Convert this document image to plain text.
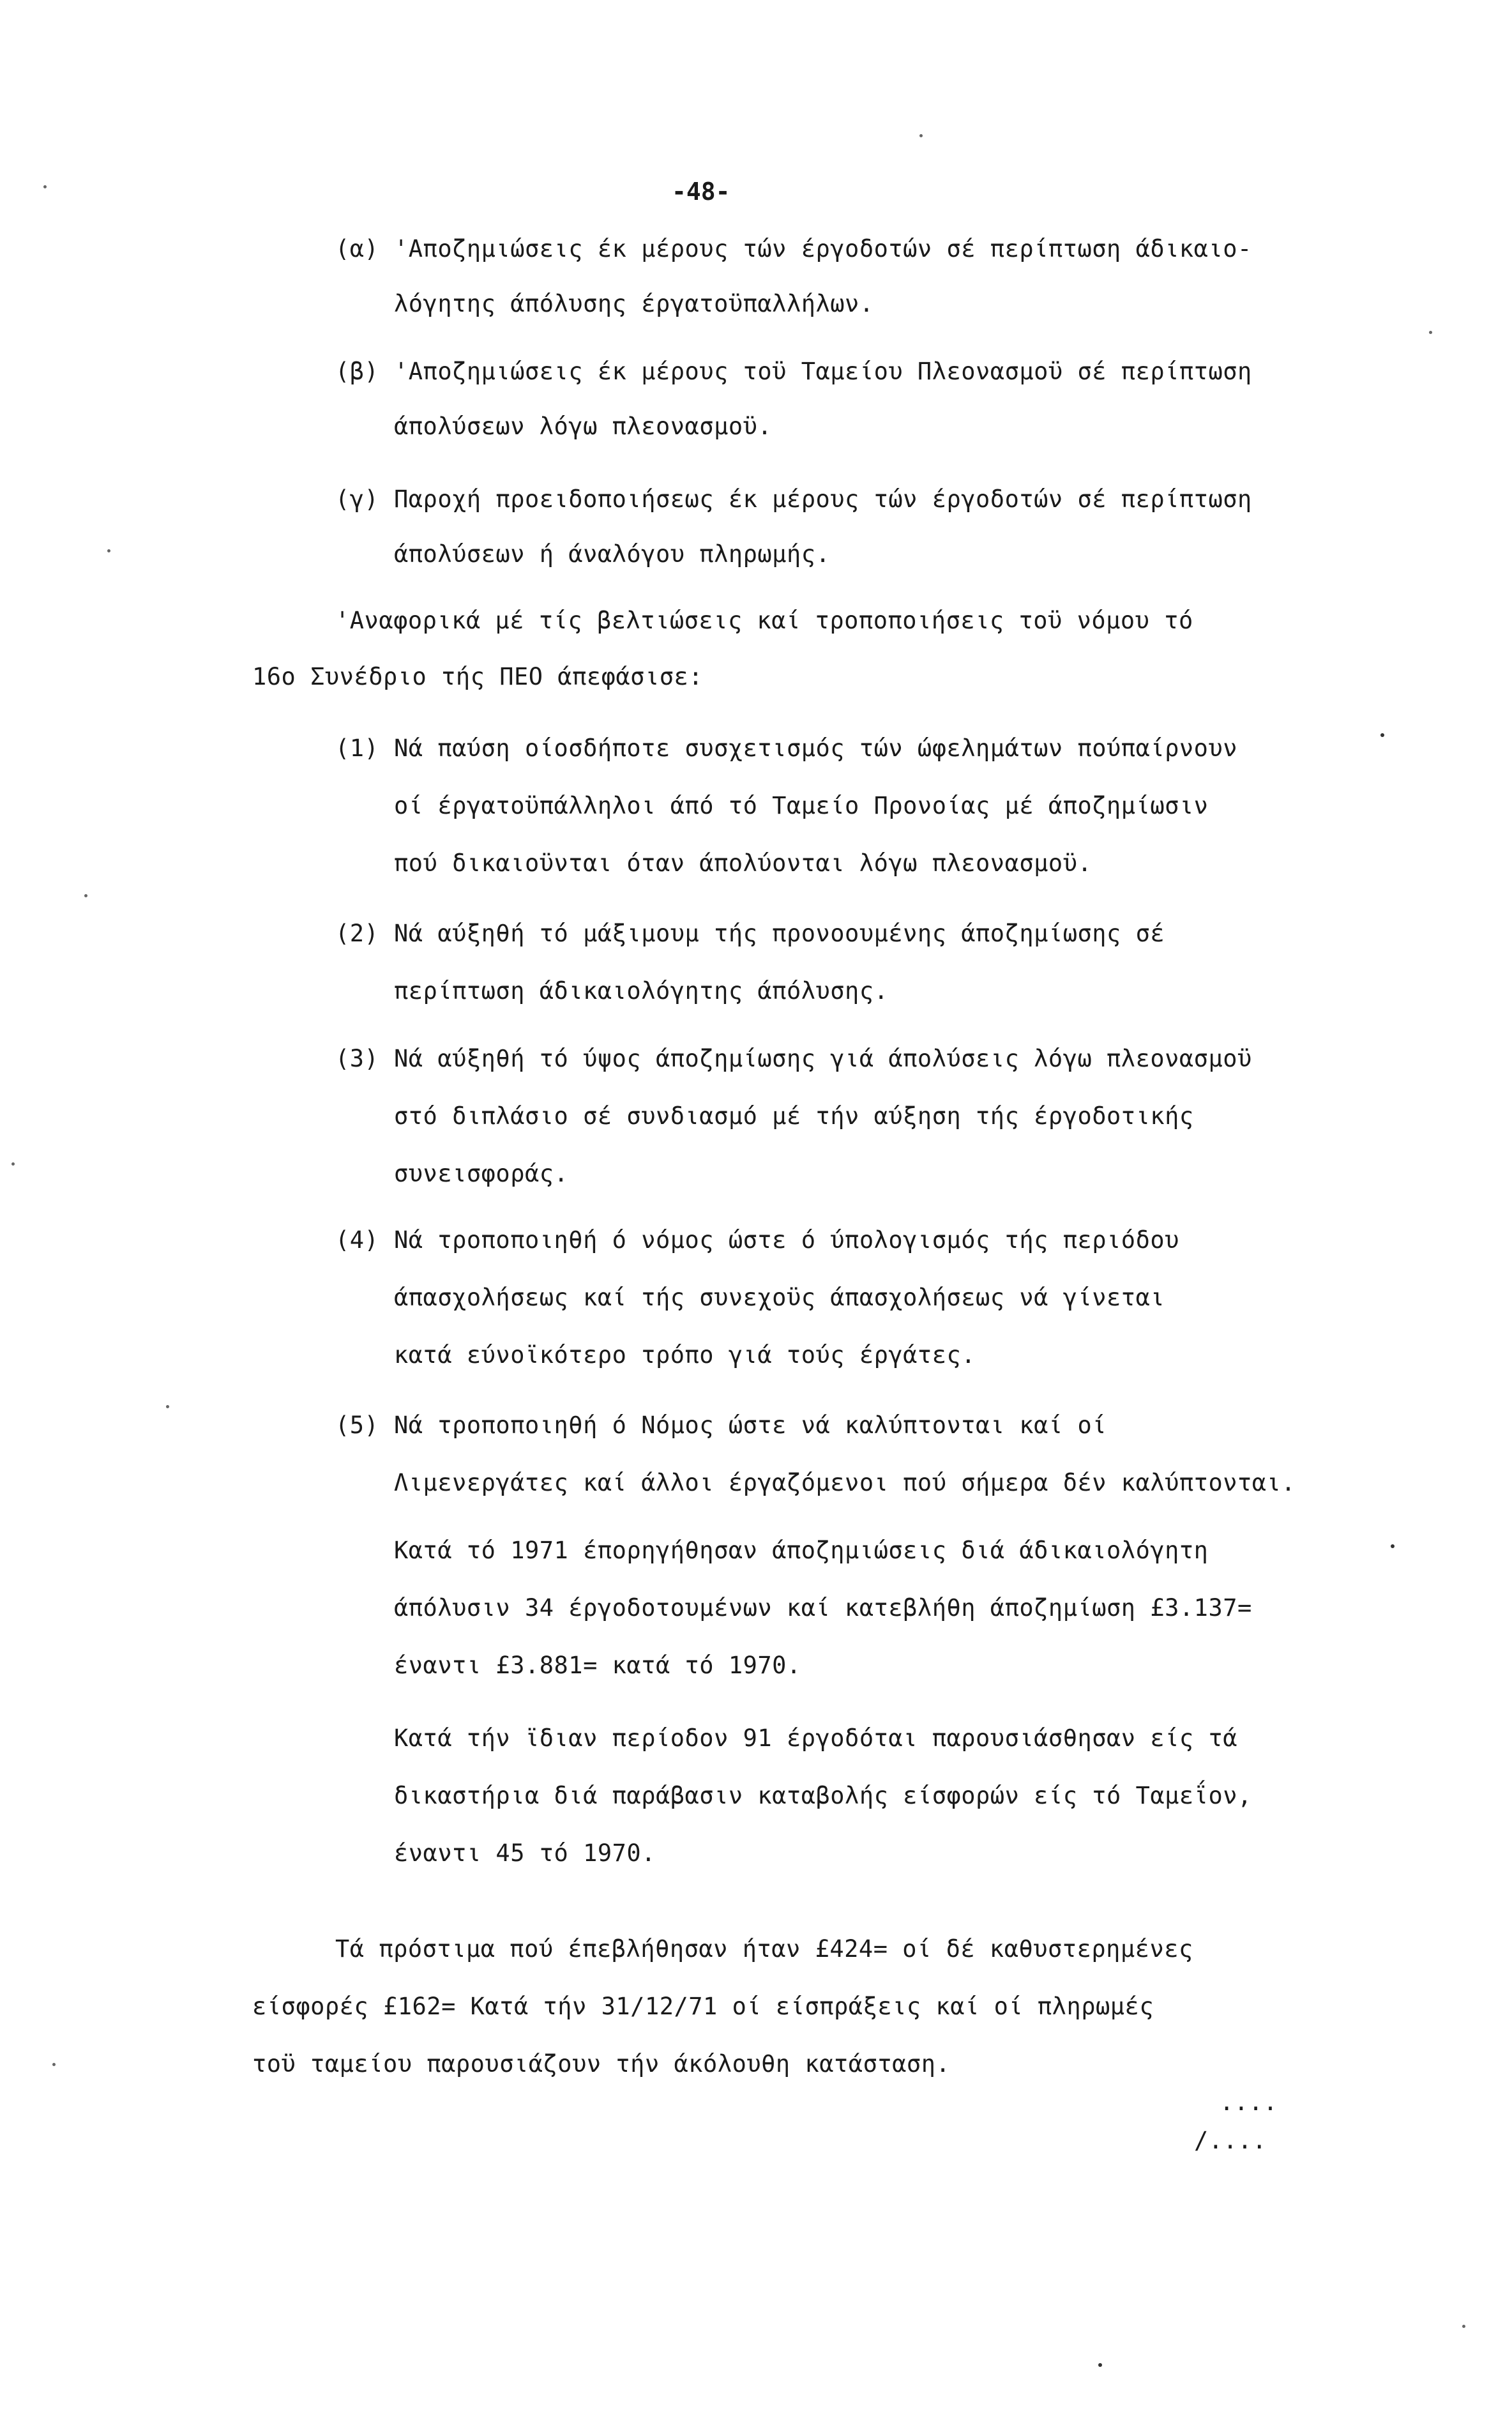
-48-
(α) 'Αποζημιώσεις έκ μέρους τών έργοδοτών σέ περίπτωση άδικαιο-
λόγητης άπόλυσης έργατοϋπαλλήλων.
(β) 'Αποζημιώσεις έκ μέρους τοϋ Ταμείου Πλεονασμοϋ σέ περίπτωση
άπολύσεων λόγω πλεονασμοϋ.
(γ) Παροχή προειδοποιήσεως έκ μέρους τών έργοδοτών σέ περίπτωση
άπολύσεων ή άναλόγου πληρωμής.
'Αναφορικά μέ τίς βελτιώσεις καί τροποποιήσεις τοϋ νόμου τό
16ο Συνέδριο τής ΠΕΟ άπεφάσισε:
(1) Νά παύση οίοσδήποτε συσχετισμός τών ώφελημάτων πούπαίρνουν
οί έργατοϋπάλληλοι άπό τό Ταμείο Προνοίας μέ άποζημίωσιν
πού δικαιοϋνται όταν άπολύονται λόγω πλεονασμοϋ.
(2) Νά αύξηθή τό μάξιμουμ τής προνοουμένης άποζημίωσης σέ
περίπτωση άδικαιολόγητης άπόλυσης.
(3) Νά αύξηθή τό ύψος άποζημίωσης γιά άπολύσεις λόγω πλεονασμοϋ
στό διπλάσιο σέ συνδιασμό μέ τήν αύξηση τής έργοδοτικής
συνεισφοράς.
(4) Νά τροποποιηθή ό νόμος ώστε ό ύπολογισμός τής περιόδου
άπασχολήσεως καί τής συνεχοϋς άπασχολήσεως νά γίνεται
κατά εύνοϊκότερο τρόπο γιά τούς έργάτες.
(5) Νά τροποποιηθή ό Νόμος ώστε νά καλύπτονται καί οί
Λιμενεργάτες καί άλλοι έργαζόμενοι πού σήμερα δέν καλύπτονται.
Κατά τό 1971 έπορηγήθησαν άποζημιώσεις διά άδικαιολόγητη
άπόλυσιν 34 έργοδοτουμένων καί κατεβλήθη άποζημίωση £3.137=
έναντι £3.881= κατά τό 1970.
Κατά τήν ϊδιαν περίοδον 91 έργοδόται παρουσιάσθησαν είς τά
δικαστήρια διά παράβασιν καταβολής είσφορών είς τό Ταμεΐον,
έναντι 45 τό 1970.
Τά πρόστιμα πού έπεβλήθησαν ήταν £424= οί δέ καθυστερημένες
είσφορές £162= Κατά τήν 31/12/71 οί είσπράξεις καί οί πληρωμές
τοϋ ταμείου παρουσιάζουν τήν άκόλουθη κατάσταση.
....
/....
